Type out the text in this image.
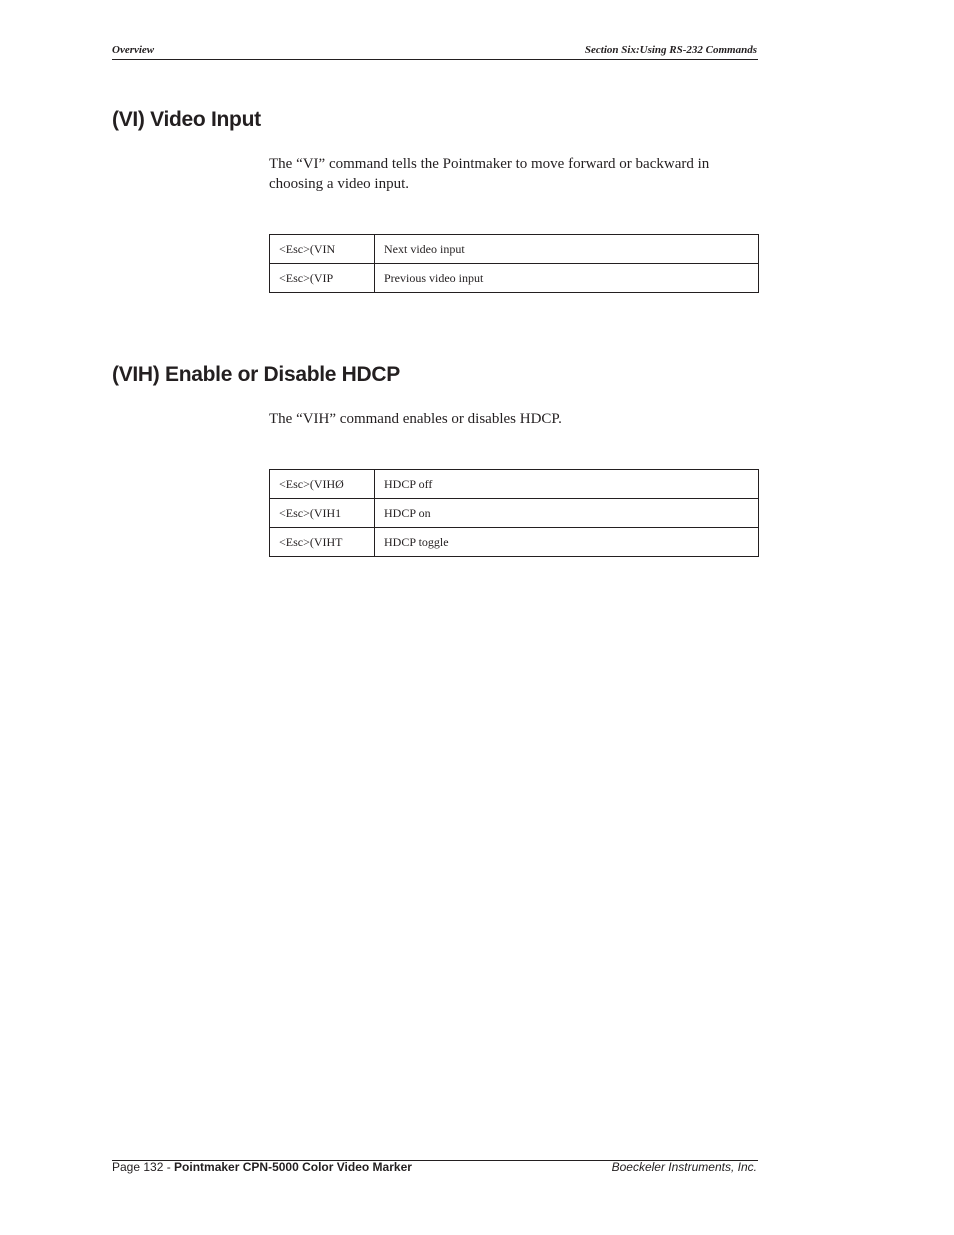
Overview	Section Six:Using RS-232 Commands
(VI) Video Input

The “VI” command tells the Pointmaker to move forward or backward in choosing a video input.

<Esc>(VIN	Next video input
<Esc>(VIP	Previous video input
(VIH) Enable or Disable HDCP

The “VIH” command enables or disables HDCP.

<Esc>(VIHØ	HDCP off
<Esc>(VIH1	HDCP on
<Esc>(VIHT	HDCP toggle
Page 132 - Pointmaker CPN-5000 Color Video Marker	Boeckeler Instruments, Inc.
